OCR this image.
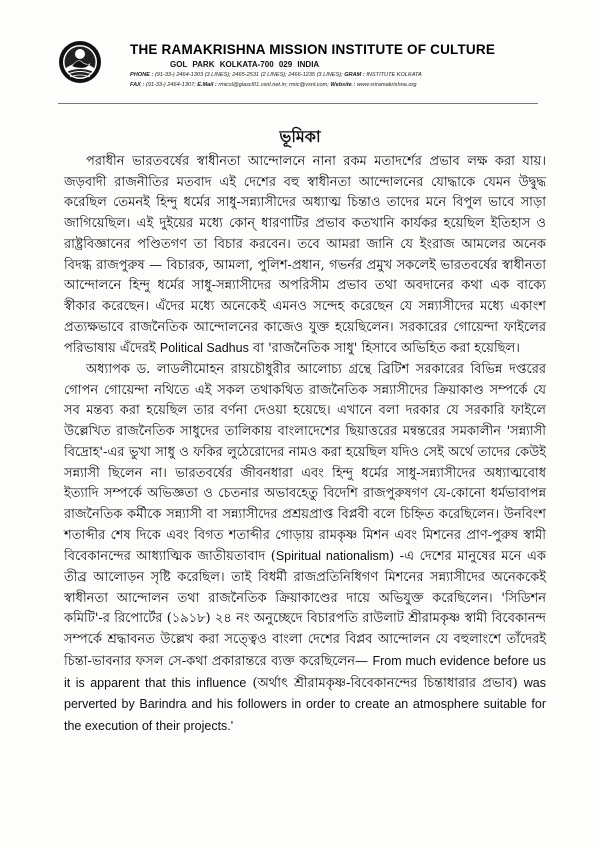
THE RAMAKRISHNA MISSION INSTITUTE OF CULTURE
GOL PARK KOLKATA-700 029 INDIA
PHONE : (91-33-) 2464-1303 (3 LINES); 2465-2531 (2 LINES); 2466-1235 (3 LINES); GRAM : INSTITUTE KOLKATA
FAX : (91-33-) 2464-1307; E.Mail : rmicsl@giascl01.vsnl.net.in; rmic@vsnl.com; Website : www.sriramakrishna.org
ভূমিকা

পরাধীন ভারতবর্ষের স্বাধীনতা আন্দোলনে নানা রকম মতাদর্শের প্রভাব লক্ষ করা যায়। জড়বাদী রাজনীতির মতবাদ এই দেশের বহু স্বাধীনতা আন্দোলনের যোদ্ধাকে যেমন উদ্বুদ্ধ করেছিল তেমনই হিন্দু ধর্মের সাধু-সন্ন্যাসীদের অধ্যাত্ম চিন্তাও তাদের মনে বিপুল ভাবে সাড়া জাগিয়েছিল। এই দুইয়ের মধ্যে কোন্ ধারণাটির প্রভাব কতখানি কার্যকর হয়েছিল ইতিহাস ও রাষ্ট্রবিজ্ঞানের পণ্ডিতগণ তা বিচার করবেন। তবে আমরা জানি যে ইংরাজ আমলের অনেক বিদগ্ধ রাজপুরুষ — বিচারক, আমলা, পুলিশ-প্রধান, গভর্নর প্রমুখ সকলেই ভারতবর্ষের স্বাধীনতা আন্দোলনে হিন্দু ধর্মের সাধু-সন্ন্যাসীদের অপরিসীম প্রভাব তথা অবদানের কথা এক বাক্যে স্বীকার করেছেন। এঁদের মধ্যে অনেকেই এমনও সন্দেহ করেছেন যে সন্ন্যাসীদের মধ্যে একাংশ প্রত্যক্ষভাবে রাজনৈতিক আন্দোলনের কাজেও যুক্ত হয়েছিলেন। সরকারের গোয়েন্দা ফাইলের পরিভাষায় এঁদেরই Political Sadhus বা 'রাজনৈতিক সাধু' হিসাবে অভিহিত করা হয়েছিল।

অধ্যাপক ড. লাডলীমোহন রায়চৌধুরীর আলোচ্য গ্রন্থে ব্রিটিশ সরকারের বিভিন্ন দপ্তরের গোপন গোয়েন্দা নথিতে এই সকল তথাকথিত রাজনৈতিক সন্ন্যাসীদের ক্রিয়াকাণ্ড সম্পর্কে যে সব মন্তব্য করা হয়েছিল তার বর্ণনা দেওয়া হয়েছে। এখানে বলা দরকার যে সরকারি ফাইলে উল্লেখিত রাজনৈতিক সাধুদের তালিকায় বাংলাদেশের ছিয়াত্তরের মন্বন্তরের সমকালীন 'সন্ন্যাসী বিদ্রোহ'-এর ভুখা সাধু ও ফকির লুঠেরোদের নামও করা হয়েছিল যদিও সেই অর্থে তাদের কেউই সন্ন্যাসী ছিলেন না। ভারতবর্ষের জীবনধারা এবং হিন্দু ধর্মের সাধু-সন্ন্যাসীদের অধ্যাত্মবোধ ইত্যাদি সম্পর্কে অভিজ্ঞতা ও চেতনার অভাবহেতু বিদেশি রাজপুরুষগণ যে-কোনো ধর্মভাবাপন্ন রাজনৈতিক কর্মীকে সন্ন্যাসী বা সন্ন্যাসীদের প্রশ্রয়প্রাপ্ত বিপ্লবী বলে চিহ্নিত করেছিলেন। উনবিংশ শতাব্দীর শেষ দিকে এবং বিগত শতাব্দীর গোড়ায় রামকৃষ্ণ মিশন এবং মিশনের প্রাণ-পুরুষ স্বামী বিবেকানন্দের আধ্যাত্মিক জাতীয়তাবাদ (Spiritual nationalism) -এ দেশের মানুষের মনে এক তীব্র আলোড়ন সৃষ্টি করেছিল। তাই বিধর্মী রাজপ্রতিনিধিগণ মিশনের সন্ন্যাসীদের অনেককেই স্বাধীনতা আন্দোলন তথা রাজনৈতিক ক্রিয়াকাণ্ডের দায়ে অভিযুক্ত করেছিলেন। 'সিডিশন কমিটি'-র রিপোর্টের (১৯১৮) ২৪ নং অনুচ্ছেদে বিচারপতি রাউলাট শ্রীরামকৃষ্ণ স্বামী বিবেকানন্দ সম্পর্কে শ্রদ্ধাবনত উল্লেখ করা সত্ত্বেও বাংলা দেশের বিপ্লব আন্দোলন যে বহুলাংশে তাঁদেরই চিন্তা-ভাবনার ফসল সে-কথা প্রকারান্তরে ব্যক্ত করেছিলেন— From much evidence before us it is apparent that this influence (অর্থাৎ শ্রীরামকৃষ্ণ-বিবেকানন্দের চিন্তাধারার প্রভাব) was perverted by Barindra and his followers in order to create an atmosphere suitable for the execution of their projects.'
